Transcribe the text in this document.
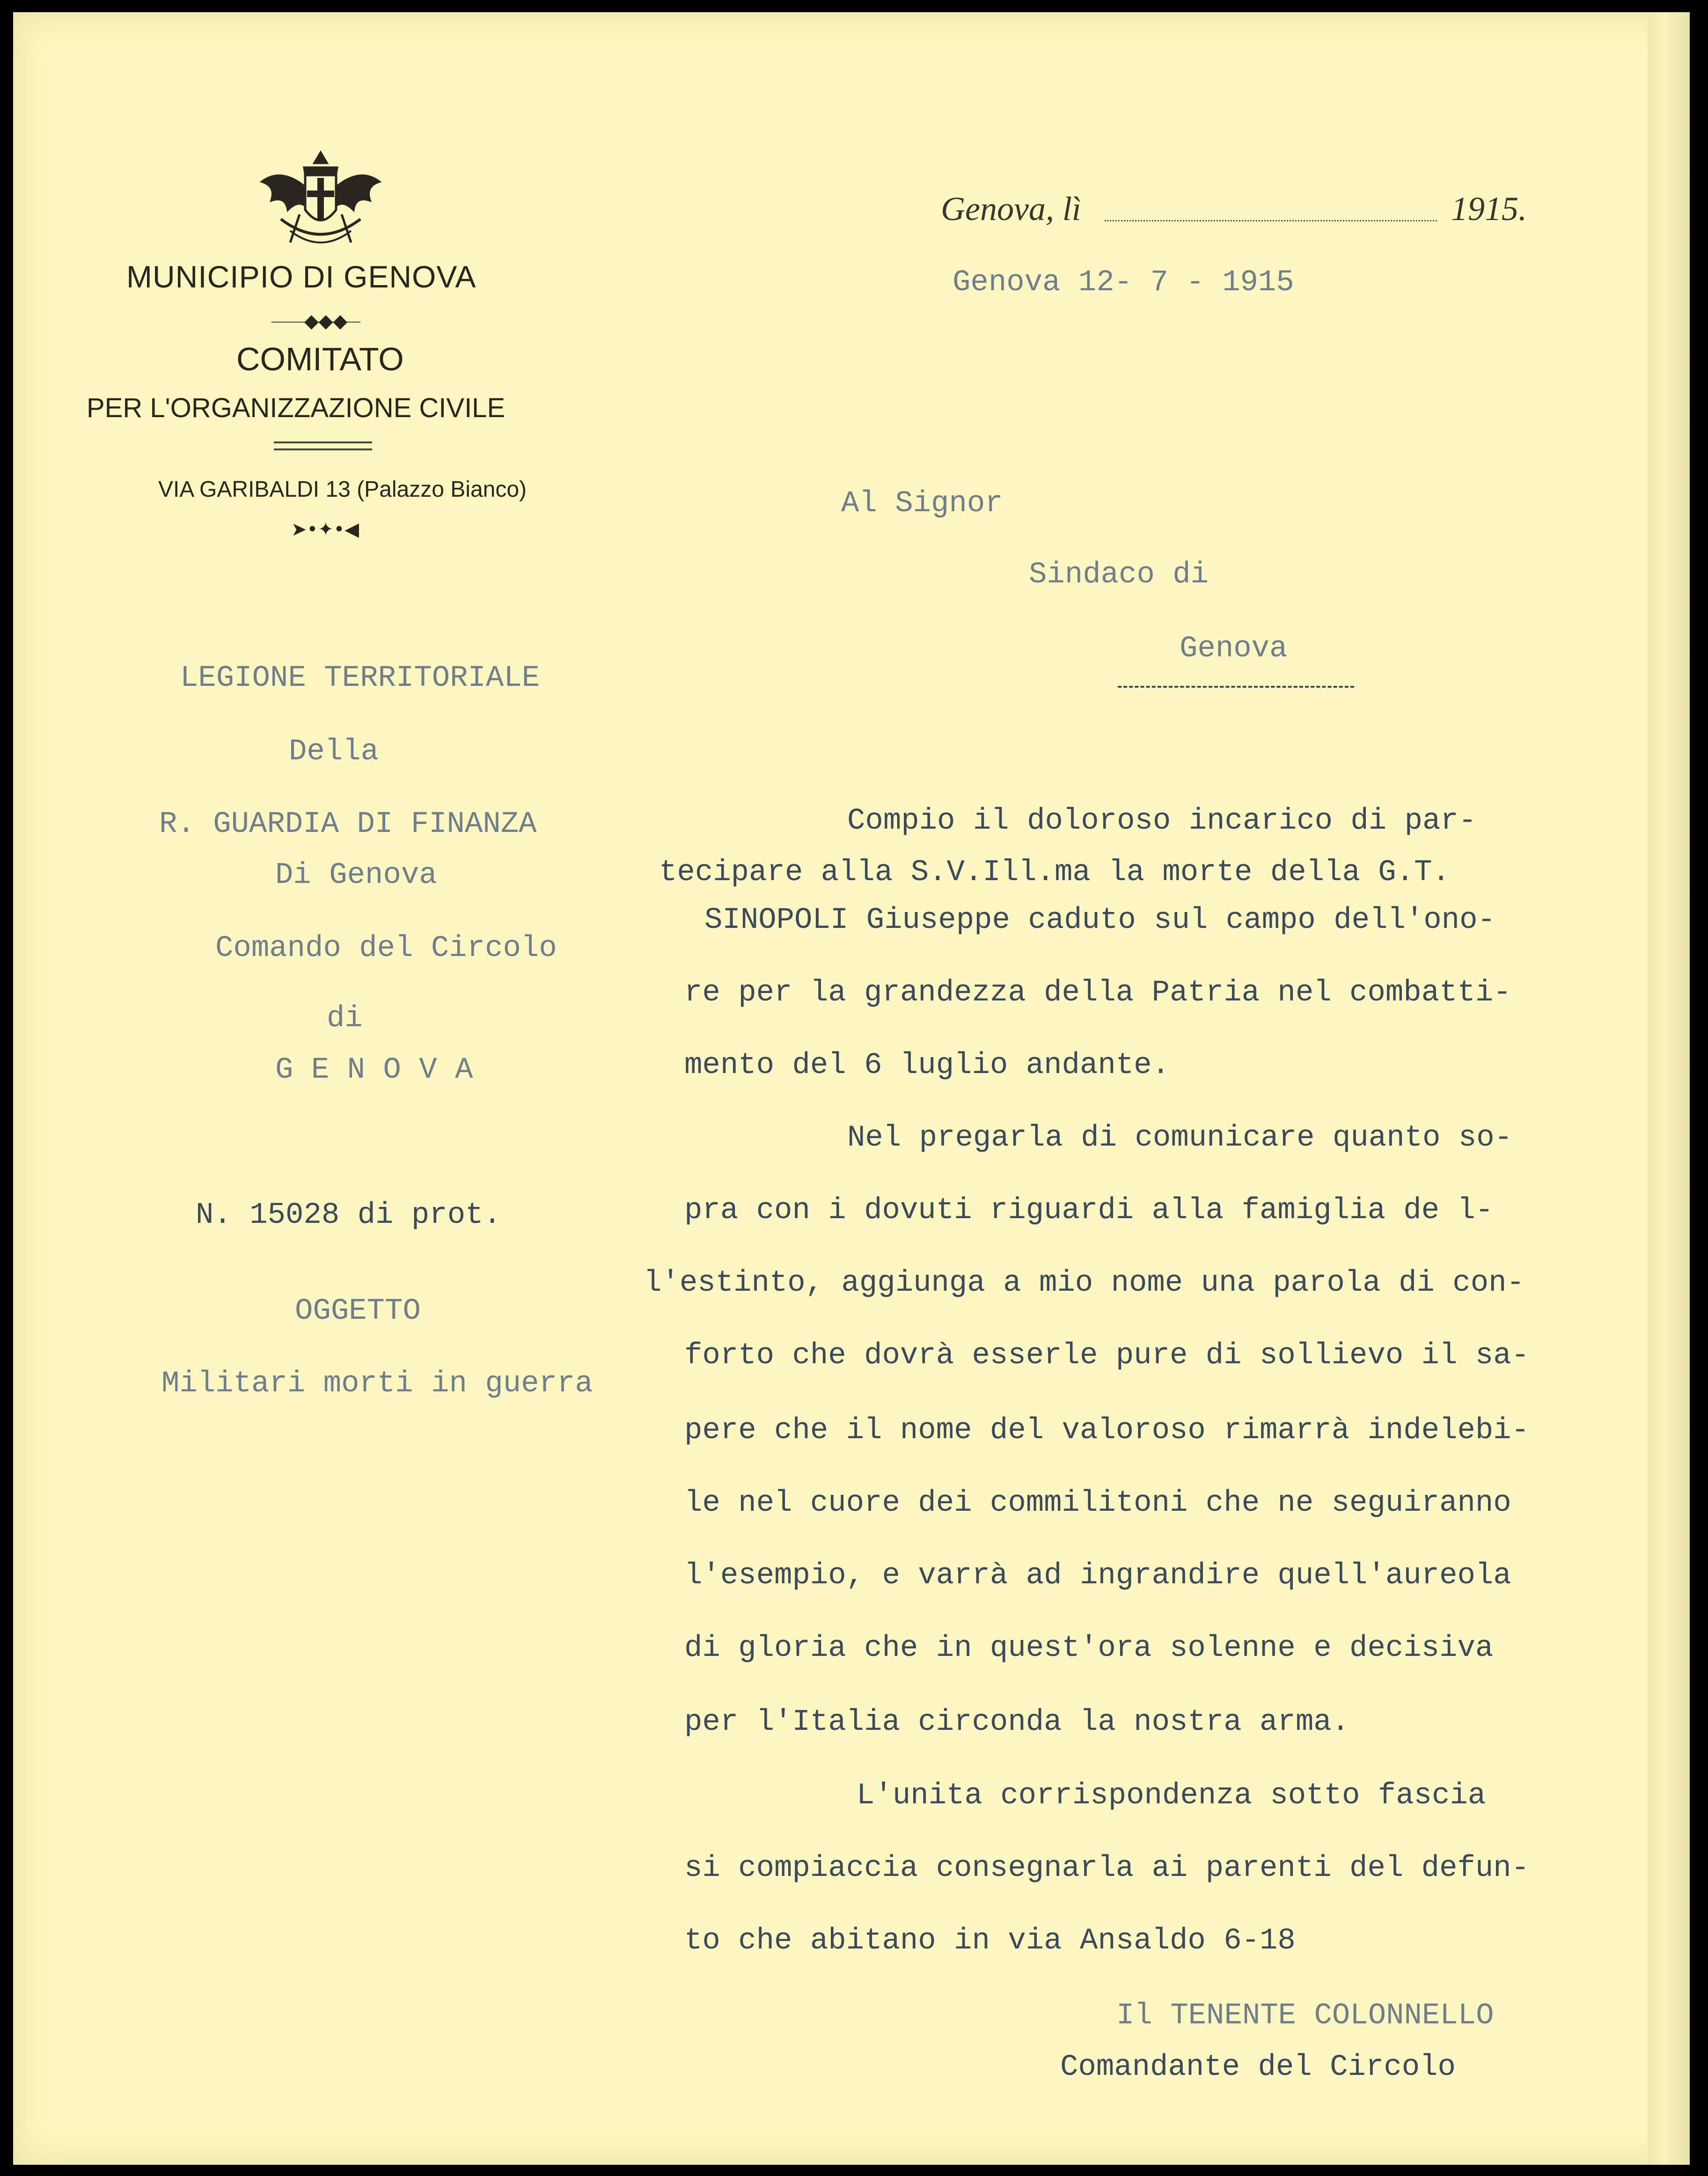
MUNICIPIO DI GENOVA
◆◆◆
COMITATO
PER L'ORGANIZZAZIONE CIVILE
VIA GARIBALDI 13 (Palazzo Bianco)
➤•✦•◀
Genova, lì	1915.
Genova 12- 7 - 1915
Al Signor
Sindaco di
Genova
LEGIONE TERRITORIALE
Della
R. GUARDIA DI FINANZA
Di Genova
Comando del Circolo
di
G E N O V A
N. 15028 di prot.
OGGETTO
Militari morti in guerra
Compio il doloroso incarico di par-
tecipare alla S.V.Ill.ma la morte della G.T.
SINOPOLI Giuseppe caduto sul campo dell'ono-
re per la grandezza della Patria nel combatti-
mento del 6 luglio andante.
Nel pregarla di comunicare quanto so-
pra con i dovuti riguardi alla famiglia de l-
l'estinto, aggiunga a mio nome una parola di con-
forto che dovrà esserle pure di sollievo il sa-
pere che il nome del valoroso rimarrà indelebi-
le nel cuore dei commilitoni che ne seguiranno
l'esempio, e varrà ad ingrandire quell'aureola
di gloria che in quest'ora solenne e decisiva
per l'Italia circonda la nostra arma.
L'unita corrispondenza sotto fascia
si compiaccia consegnarla ai parenti del defun-
to che abitano in via Ansaldo 6-18
Il TENENTE COLONNELLO
Comandante del Circolo
